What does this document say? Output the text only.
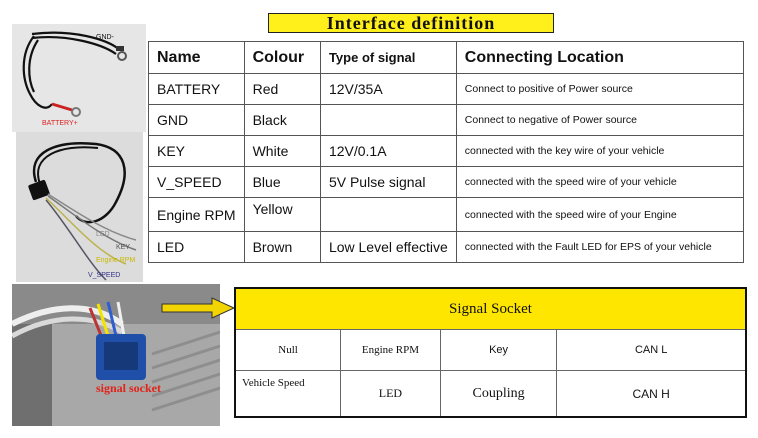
Interface definition
GND-
BATTERY+
LED
KEY
Engine RPM
V_SPEED
signal socket
Name	Colour	Type of signal	Connecting Location
BATTERY	Red	12V/35A	Connect to positive of Power source
GND	Black		Connect to negative of Power source
KEY	White	12V/0.1A	connected with the key wire of your vehicle
V_SPEED	Blue	5V Pulse signal	connected with the speed wire of your vehicle
Engine RPM	Yellow		connected with the speed wire of your Engine
LED	Brown	Low Level effective	connected with the Fault LED for EPS of your vehicle
Signal Socket			
Null	Engine RPM	Key	CAN L
Vehicle Speed	LED	Coupling	CAN H
